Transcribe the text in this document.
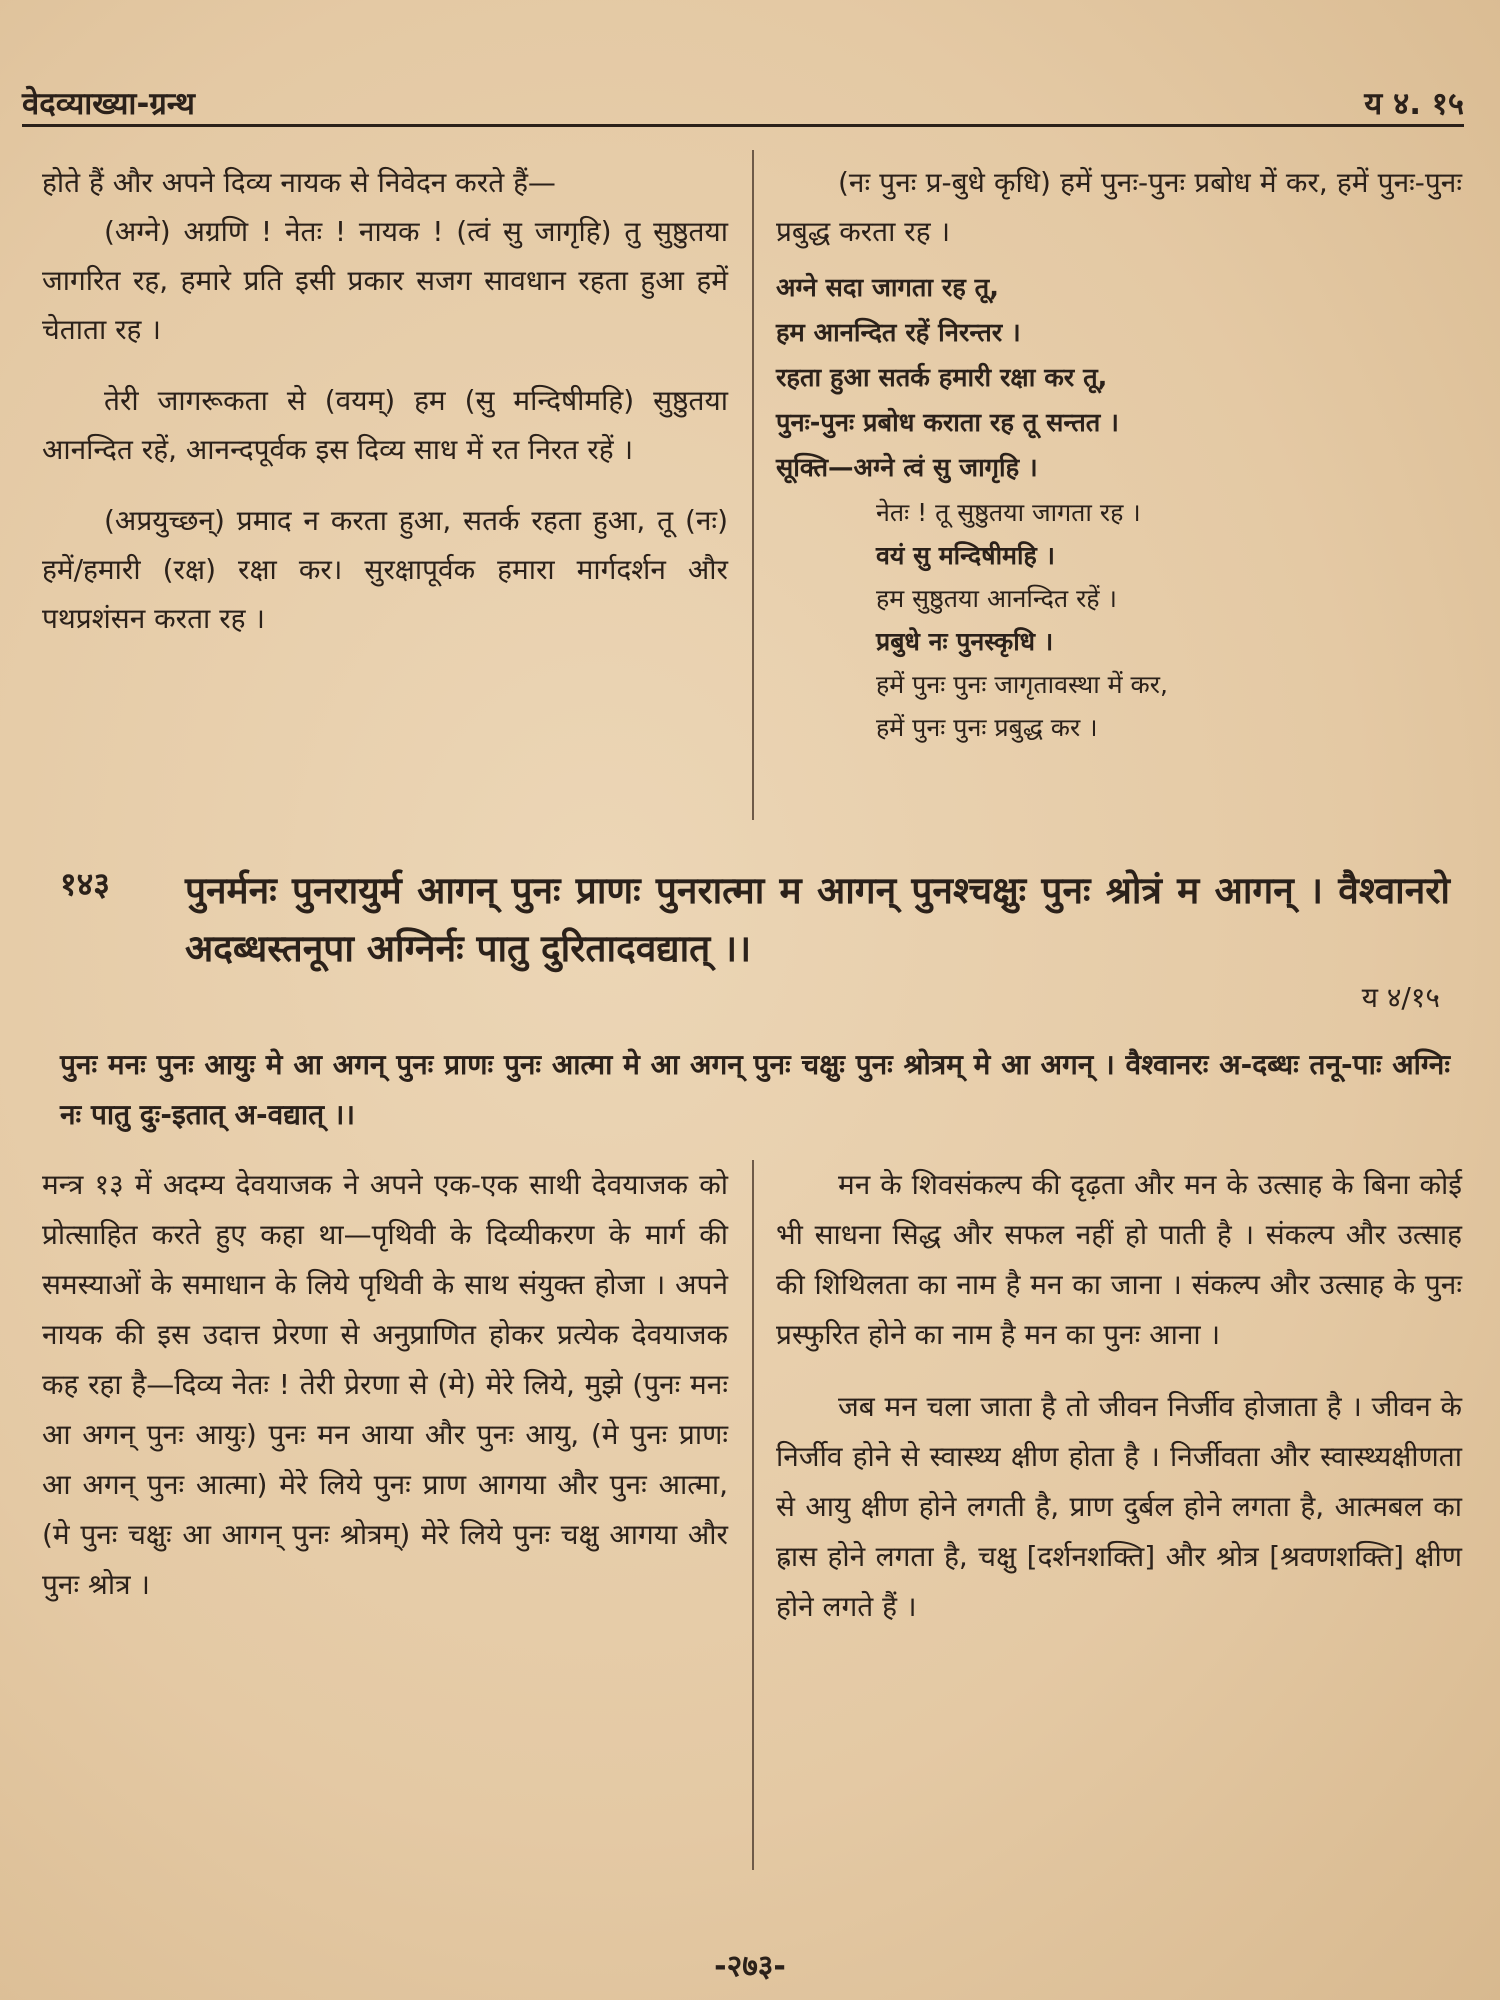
वेदव्याख्या-ग्रन्थ	य ४. १५

होते हैं और अपने दिव्य नायक से निवेदन करते हैं—

(अग्ने) अग्रणि ! नेतः ! नायक ! (त्वं सु जागृहि) तु सुष्ठुतया जागरित रह, हमारे प्रति इसी प्रकार सजग सावधान रहता हुआ हमें चेताता रह ।

तेरी जागरूकता से (वयम्) हम (सु मन्दिषीमहि) सुष्ठुतया आनन्दित रहें, आनन्दपूर्वक इस दिव्य साध में रत निरत रहें ।

(अप्रयुच्छन्) प्रमाद न करता हुआ, सतर्क रहता हुआ, तू (नः) हमें/हमारी (रक्ष) रक्षा कर। सुरक्षापूर्वक हमारा मार्गदर्शन और पथप्रशंसन करता रह ।

(नः पुनः प्र-बुधे कृधि) हमें पुनः-पुनः प्रबोध में कर, हमें पुनः-पुनः प्रबुद्ध करता रह ।

अग्ने सदा जागता रह तू,
हम आनन्दित रहें निरन्तर ।
रहता हुआ सतर्क हमारी रक्षा कर तू,
पुनः-पुनः प्रबोध कराता रह तू सन्तत ।
सूक्ति—अग्ने त्वं सु जागृहि ।
नेतः ! तू सुष्ठुतया जागता रह ।
वयं सु मन्दिषीमहि ।
हम सुष्ठुतया आनन्दित रहें ।
प्रबुधे नः पुनस्कृधि ।
हमें पुनः पुनः जागृतावस्था में कर,
हमें पुनः पुनः प्रबुद्ध कर ।
१४३ पुनर्मनः पुनरायुर्म आगन् पुनः प्राणः पुनरात्मा म आगन् पुनश्चक्षुः पुनः श्रोत्रं म आगन् । वैश्वानरो अदब्धस्तनूपा अग्निर्नः पातु दुरितादवद्यात् ।।
य ४/१५
पुनः मनः पुनः आयुः मे आ अगन् पुनः प्राणः पुनः आत्मा मे आ अगन् पुनः चक्षुः पुनः श्रोत्रम् मे आ अगन् । वैश्वानरः अ-दब्धः तनू-पाः अग्निः नः पातु दुः-इतात् अ-वद्यात् ।।

मन्त्र १३ में अदम्य देवयाजक ने अपने एक-एक साथी देवयाजक को प्रोत्साहित करते हुए कहा था—पृथिवी के दिव्यीकरण के मार्ग की समस्याओं के समाधान के लिये पृथिवी के साथ संयुक्त होजा । अपने नायक की इस उदात्त प्रेरणा से अनुप्राणित होकर प्रत्येक देवयाजक कह रहा है—दिव्य नेतः ! तेरी प्रेरणा से (मे) मेरे लिये, मुझे (पुनः मनः आ अगन् पुनः आयुः) पुनः मन आया और पुनः आयु, (मे पुनः प्राणः आ अगन् पुनः आत्मा) मेरे लिये पुनः प्राण आगया और पुनः आत्मा, (मे पुनः चक्षुः आ आगन् पुनः श्रोत्रम्) मेरे लिये पुनः चक्षु आगया और पुनः श्रोत्र ।

मन के शिवसंकल्प की दृढ़ता और मन के उत्साह के बिना कोई भी साधना सिद्ध और सफल नहीं हो पाती है । संकल्प और उत्साह की शिथिलता का नाम है मन का जाना । संकल्प और उत्साह के पुनः प्रस्फुरित होने का नाम है मन का पुनः आना ।

जब मन चला जाता है तो जीवन निर्जीव होजाता है । जीवन के निर्जीव होने से स्वास्थ्य क्षीण होता है । निर्जीवता और स्वास्थ्यक्षीणता से आयु क्षीण होने लगती है, प्राण दुर्बल होने लगता है, आत्मबल का ह्रास होने लगता है, चक्षु [दर्शनशक्ति] और श्रोत्र [श्रवणशक्ति] क्षीण होने लगते हैं ।

-२७३-
